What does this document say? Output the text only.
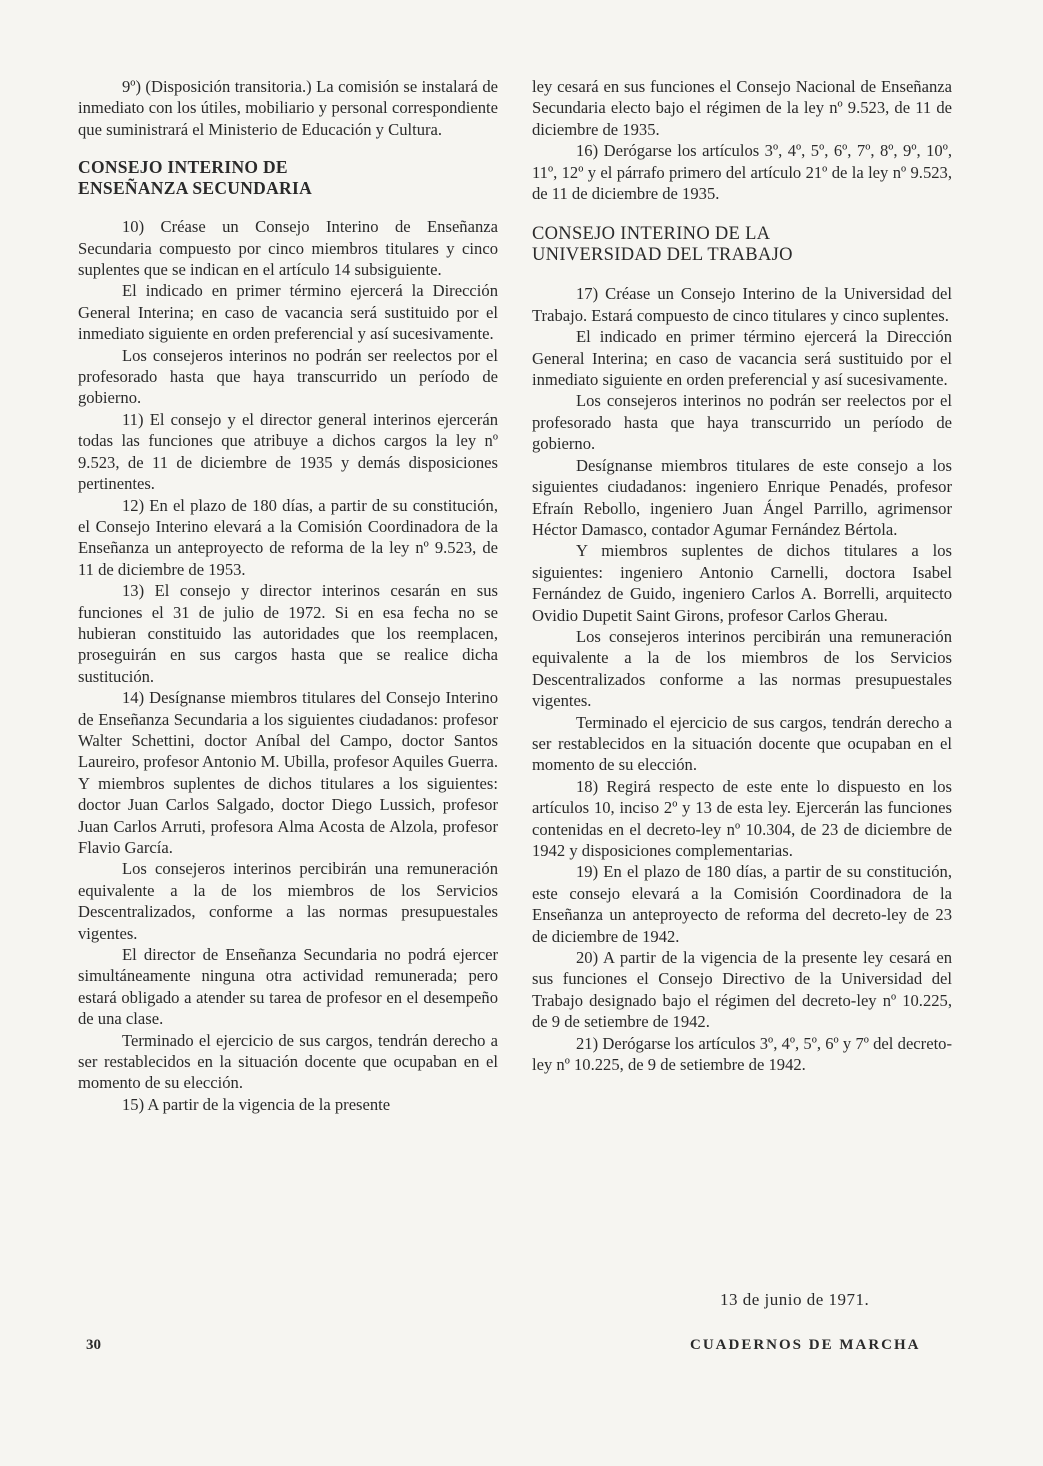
9º) (Disposición transitoria.) La comisión se instalará de inmediato con los útiles, mobiliario y personal correspondiente que suministrará el Ministerio de Educación y Cultura.

CONSEJO INTERINO DE
ENSEÑANZA SECUNDARIA

10) Créase un Consejo Interino de Enseñanza Secundaria compuesto por cinco miembros titulares y cinco suplentes que se indican en el artículo 14 subsiguiente.

El indicado en primer término ejercerá la Dirección General Interina; en caso de vacancia será sustituido por el inmediato siguiente en orden preferencial y así sucesivamente.

Los consejeros interinos no podrán ser reelectos por el profesorado hasta que haya transcurrido un período de gobierno.

11) El consejo y el director general interinos ejercerán todas las funciones que atribuye a dichos cargos la ley nº 9.523, de 11 de diciembre de 1935 y demás disposiciones pertinentes.

12) En el plazo de 180 días, a partir de su constitución, el Consejo Interino elevará a la Comisión Coordinadora de la Enseñanza un anteproyecto de reforma de la ley nº 9.523, de 11 de diciembre de 1953.

13) El consejo y director interinos cesarán en sus funciones el 31 de julio de 1972. Si en esa fecha no se hubieran constituido las autoridades que los reemplacen, proseguirán en sus cargos hasta que se realice dicha sustitución.

14) Desígnanse miembros titulares del Consejo Interino de Enseñanza Secundaria a los siguientes ciudadanos: profesor Walter Schettini, doctor Aníbal del Campo, doctor Santos Laureiro, profesor Antonio M. Ubilla, profesor Aquiles Guerra. Y miembros suplentes de dichos titulares a los siguientes: doctor Juan Carlos Salgado, doctor Diego Lussich, profesor Juan Carlos Arruti, profesora Alma Acosta de Alzola, profesor Flavio García.

Los consejeros interinos percibirán una remuneración equivalente a la de los miembros de los Servicios Descentralizados, conforme a las normas presupuestales vigentes.

El director de Enseñanza Secundaria no podrá ejercer simultáneamente ninguna otra actividad remunerada; pero estará obligado a atender su tarea de profesor en el desempeño de una clase.

Terminado el ejercicio de sus cargos, tendrán derecho a ser restablecidos en la situación docente que ocupaban en el momento de su elección.

15) A partir de la vigencia de la presente

ley cesará en sus funciones el Consejo Nacional de Enseñanza Secundaria electo bajo el régimen de la ley nº 9.523, de 11 de diciembre de 1935.

16) Derógarse los artículos 3º, 4º, 5º, 6º, 7º, 8º, 9º, 10º, 11º, 12º y el párrafo primero del artículo 21º de la ley nº 9.523, de 11 de diciembre de 1935.

CONSEJO INTERINO DE LA
UNIVERSIDAD DEL TRABAJO

17) Créase un Consejo Interino de la Universidad del Trabajo. Estará compuesto de cinco titulares y cinco suplentes.

El indicado en primer término ejercerá la Dirección General Interina; en caso de vacancia será sustituido por el inmediato siguiente en orden preferencial y así sucesivamente.

Los consejeros interinos no podrán ser reelectos por el profesorado hasta que haya transcurrido un período de gobierno.

Desígnanse miembros titulares de este consejo a los siguientes ciudadanos: ingeniero Enrique Penadés, profesor Efraín Rebollo, ingeniero Juan Ángel Parrillo, agrimensor Héctor Damasco, contador Agumar Fernández Bértola.

Y miembros suplentes de dichos titulares a los siguientes: ingeniero Antonio Carnelli, doctora Isabel Fernández de Guido, ingeniero Carlos A. Borrelli, arquitecto Ovidio Dupetit Saint Girons, profesor Carlos Gherau.

Los consejeros interinos percibirán una remuneración equivalente a la de los miembros de los Servicios Descentralizados conforme a las normas presupuestales vigentes.

Terminado el ejercicio de sus cargos, tendrán derecho a ser restablecidos en la situación docente que ocupaban en el momento de su elección.

18) Regirá respecto de este ente lo dispuesto en los artículos 10, inciso 2º y 13 de esta ley. Ejercerán las funciones contenidas en el decreto-ley nº 10.304, de 23 de diciembre de 1942 y disposiciones complementarias.

19) En el plazo de 180 días, a partir de su constitución, este consejo elevará a la Comisión Coordinadora de la Enseñanza un anteproyecto de reforma del decreto-ley de 23 de diciembre de 1942.

20) A partir de la vigencia de la presente ley cesará en sus funciones el Consejo Directivo de la Universidad del Trabajo designado bajo el régimen del decreto-ley nº 10.225, de 9 de setiembre de 1942.

21) Derógarse los artículos 3º, 4º, 5º, 6º y 7º del decreto-ley nº 10.225, de 9 de setiembre de 1942.

13 de junio de 1971.
30	CUADERNOS DE MARCHA
